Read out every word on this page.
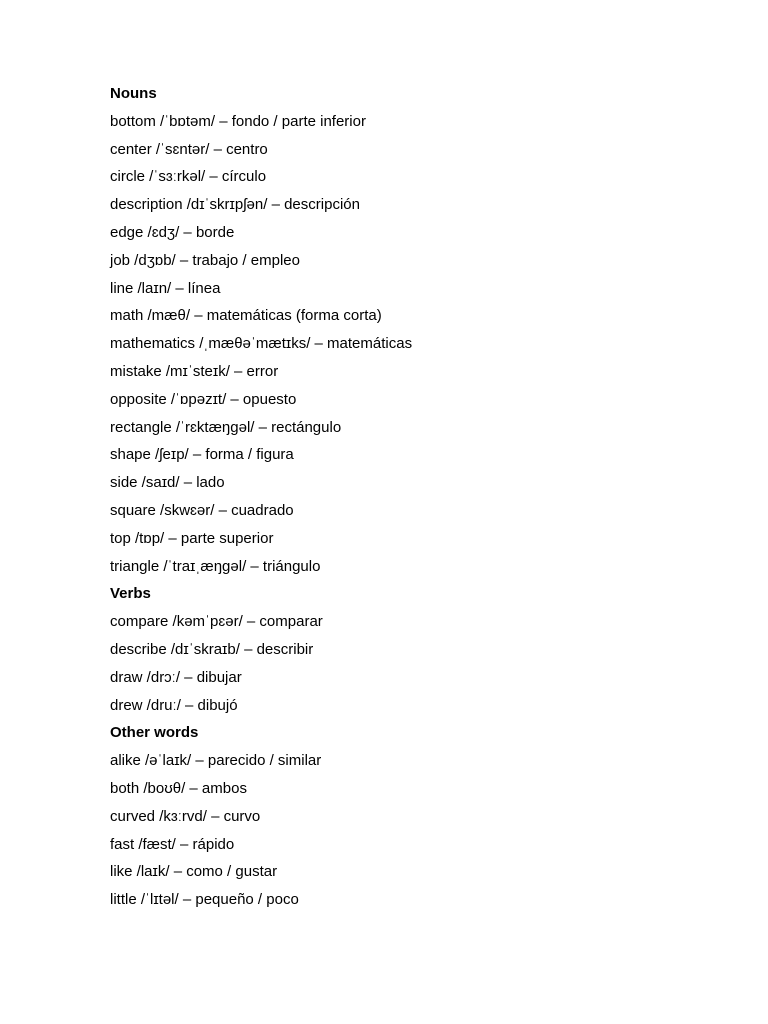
Nouns
bottom /ˈbɒtəm/ – fondo / parte inferior
center /ˈsɛntər/ – centro
circle /ˈsɜːrkəl/ – círculo
description /dɪˈskrɪpʃən/ – descripción
edge /ɛdʒ/ – borde
job /dʒɒb/ – trabajo / empleo
line /laɪn/ – línea
math /mæθ/ – matemáticas (forma corta)
mathematics /ˌmæθəˈmætɪks/ – matemáticas
mistake /mɪˈsteɪk/ – error
opposite /ˈɒpəzɪt/ – opuesto
rectangle /ˈrɛktæŋgəl/ – rectángulo
shape /ʃeɪp/ – forma / figura
side /saɪd/ – lado
square /skwɛər/ – cuadrado
top /tɒp/ – parte superior
triangle /ˈtraɪˌæŋgəl/ – triángulo
Verbs
compare /kəmˈpɛər/ – comparar
describe /dɪˈskraɪb/ – describir
draw /drɔː/ – dibujar
drew /druː/ – dibujó
Other words
alike /əˈlaɪk/ – parecido / similar
both /boʊθ/ – ambos
curved /kɜːrvd/ – curvo
fast /fæst/ – rápido
like /laɪk/ – como / gustar
little /ˈlɪtəl/ – pequeño / poco
